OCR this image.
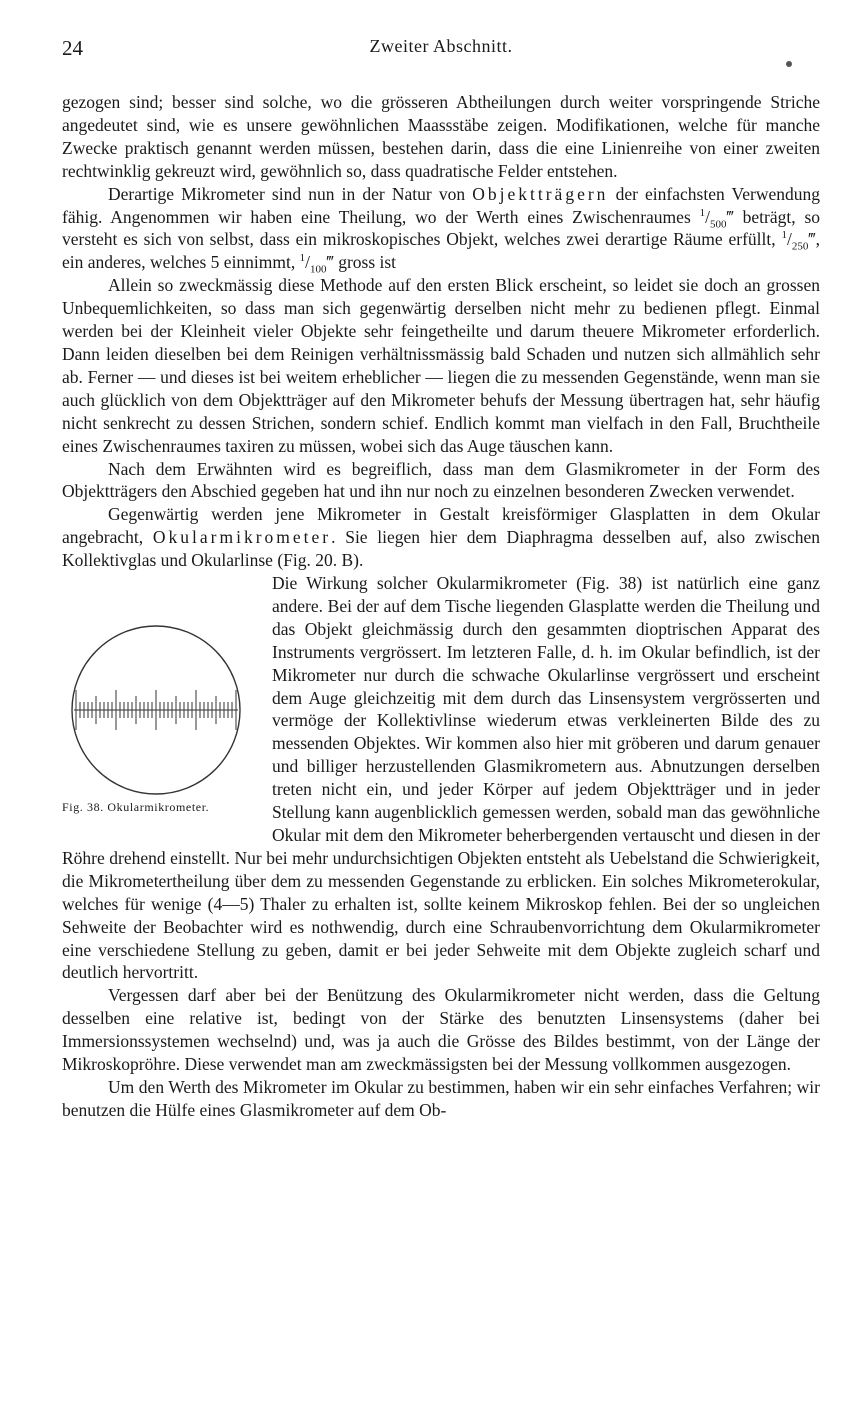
24	Zweiter Abschnitt.

gezogen sind; besser sind solche, wo die grösseren Abtheilungen durch weiter vorspringende Striche angedeutet sind, wie es unsere gewöhnlichen Maassstäbe zeigen. Modifikationen, welche für manche Zwecke praktisch genannt werden müssen, bestehen darin, dass die eine Linienreihe von einer zweiten rechtwinklig gekreuzt wird, gewöhnlich so, dass quadratische Felder entstehen.

Derartige Mikrometer sind nun in der Natur von Objektträgern der einfachsten Verwendung fähig. Angenommen wir haben eine Theilung, wo der Werth eines Zwischenraumes $^1/_{500}‴$ beträgt, so versteht es sich von selbst, dass ein mikroskopisches Objekt, welches zwei derartige Räume erfüllt, $^1/_{250}‴$, ein anderes, welches 5 einnimmt, $^1/_{100}‴$ gross ist

Allein so zweckmässig diese Methode auf den ersten Blick erscheint, so leidet sie doch an grossen Unbequemlichkeiten, so dass man sich gegenwärtig derselben nicht mehr zu bedienen pflegt. Einmal werden bei der Kleinheit vieler Objekte sehr feingetheilte und darum theuere Mikrometer erforderlich. Dann leiden dieselben bei dem Reinigen verhältnissmässig bald Schaden und nutzen sich allmählich sehr ab. Ferner — und dieses ist bei weitem erheblicher — liegen die zu messenden Gegenstände, wenn man sie auch glücklich von dem Objektträger auf den Mikrometer behufs der Messung übertragen hat, sehr häufig nicht senkrecht zu dessen Strichen, sondern schief. Endlich kommt man vielfach in den Fall, Bruchtheile eines Zwischenraumes taxiren zu müssen, wobei sich das Auge täuschen kann.

Nach dem Erwähnten wird es begreiflich, dass man dem Glasmikrometer in der Form des Objektträgers den Abschied gegeben hat und ihn nur noch zu einzelnen besonderen Zwecken verwendet.

Gegenwärtig werden jene Mikrometer in Gestalt kreisförmiger Glasplatten in dem Okular angebracht, Okularmikrometer. Sie liegen hier dem Diaphragma desselben auf, also zwischen Kollektivglas und Okularlinse (Fig. 20. B).

Fig. 38. Okularmikrometer.
Die Wirkung solcher Okularmikrometer (Fig. 38) ist natürlich eine ganz andere. Bei der auf dem Tische liegenden Glasplatte werden die Theilung und das Objekt gleichmässig durch den gesammten dioptrischen Apparat des Instruments vergrössert. Im letzteren Falle, d. h. im Okular befindlich, ist der Mikrometer nur durch die schwache Okularlinse vergrössert und erscheint dem Auge gleichzeitig mit dem durch das Linsensystem vergrösserten und vermöge der Kollektivlinse wiederum etwas verkleinerten Bilde des zu messenden Objektes. Wir kommen also hier mit gröberen und darum genauer und billiger herzustellenden Glasmikrometern aus. Abnutzungen derselben treten nicht ein, und jeder Körper auf jedem Objektträger und in jeder Stellung kann augenblicklich gemessen werden, sobald man das gewöhnliche Okular mit dem den Mikrometer beherbergenden vertauscht und diesen in der Röhre drehend einstellt. Nur bei mehr undurchsichtigen Objekten entsteht als Uebelstand die Schwierigkeit, die Mikrometertheilung über dem zu messenden Gegenstande zu erblicken. Ein solches Mikrometerokular, welches für wenige (4—5) Thaler zu erhalten ist, sollte keinem Mikroskop fehlen. Bei der so ungleichen Sehweite der Beobachter wird es nothwendig, durch eine Schraubenvorrichtung dem Okularmikrometer eine verschiedene Stellung zu geben, damit er bei jeder Sehweite mit dem Objekte zugleich scharf und deutlich hervortritt.

Vergessen darf aber bei der Benützung des Okularmikrometer nicht werden, dass die Geltung desselben eine relative ist, bedingt von der Stärke des benutzten Linsensystems (daher bei Immersionssystemen wechselnd) und, was ja auch die Grösse des Bildes bestimmt, von der Länge der Mikroskopröhre. Diese verwendet man am zweckmässigsten bei der Messung vollkommen ausgezogen.

Um den Werth des Mikrometer im Okular zu bestimmen, haben wir ein sehr einfaches Verfahren; wir benutzen die Hülfe eines Glasmikrometer auf dem Ob-
